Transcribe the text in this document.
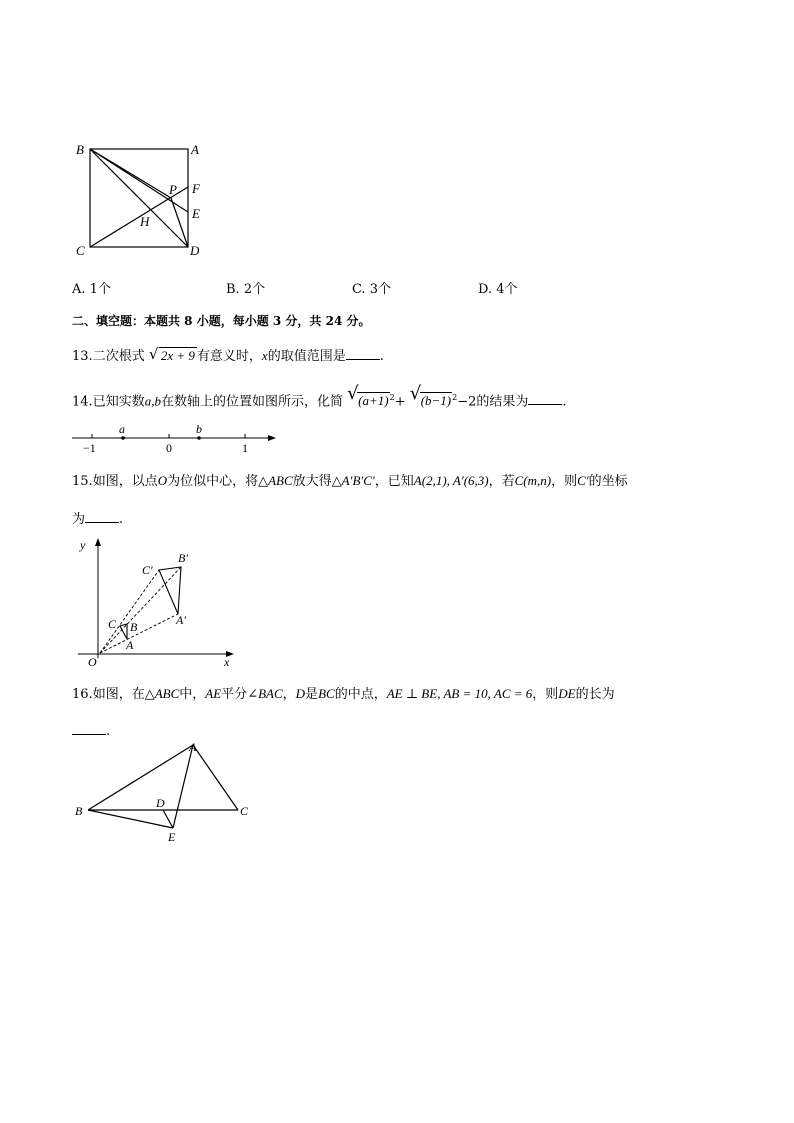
B	A
P F
E
H
C	D
A. 1个	B. 2个	C. 3个	D. 4个
二、填空题：本题共 8 小题，每小题 3 分，共 24 分。
13.二次根式 √ 2x + 9 有意义时，x的取值范围是	.
14.已知实数a,b在数轴上的位置如图所示，化简 √ $(a+1)^2+$ √ $(b-1)^2-2$的结果为	.
a	b
−1	0	1
15.如图，以点O为位似中心，将△ABC放大得△A′B′C′，已知A(2,1), A′(6,3)，若C(m,n)，则C′的坐标
为	.
y
x
O
C′
B′
A′
C B
A
16.如图，在△ABC中，AE平分∠BAC，D是BC的中点，AE ⊥ BE, AB = 10, AC = 6，则DE的长为
.
A
B	C
D
E
